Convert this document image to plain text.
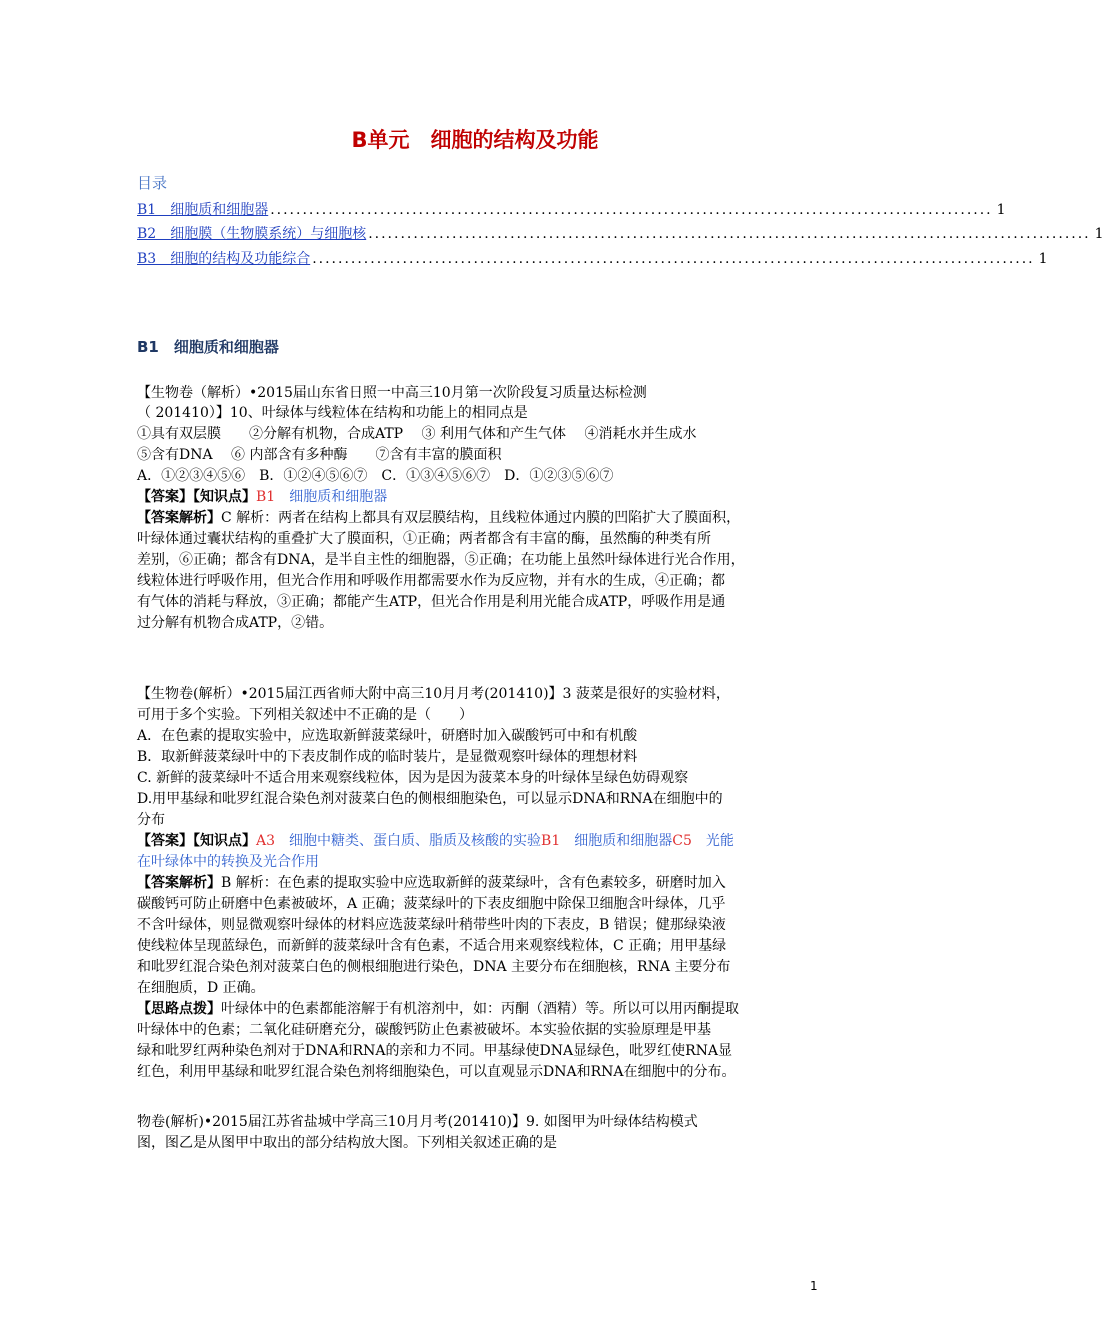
B单元　细胞的结构及功能
目录
B1　细胞质和细胞器 ................................................................................................................ 1
B2　细胞膜（生物膜系统）与细胞核 ................................................................................................................ 1
B3　细胞的结构及功能综合 ................................................................................................................ 1
B1　细胞质和细胞器
【生物卷（解析）•2015届山东省日照一中高三10月第一次阶段复习质量达标检测
（ 201410）】10、叶绿体与线粒体在结构和功能上的相同点是
①具有双层膜　　②分解有机物，合成ATP　 ③ 利用气体和产生气体　 ④消耗水并生成水
⑤含有DNA　 ⑥ 内部含有多种酶　　⑦含有丰富的膜面积
A．①②③④⑤⑥　B．①②④⑤⑥⑦　C．①③④⑤⑥⑦　D．①②③⑤⑥⑦
【答案】【知识点】B1　细胞质和细胞器
【答案解析】C 解析：两者在结构上都具有双层膜结构，且线粒体通过内膜的凹陷扩大了膜面积，
叶绿体通过囊状结构的重叠扩大了膜面积，①正确；两者都含有丰富的酶，虽然酶的种类有所
差别，⑥正确；都含有DNA，是半自主性的细胞器，⑤正确；在功能上虽然叶绿体进行光合作用，
线粒体进行呼吸作用，但光合作用和呼吸作用都需要水作为反应物，并有水的生成，④正确；都
有气体的消耗与释放，③正确；都能产生ATP，但光合作用是利用光能合成ATP，呼吸作用是通
过分解有机物合成ATP，②错。
【生物卷(解析）•2015届江西省师大附中高三10月月考(201410)】3 菠菜是很好的实验材料，
可用于多个实验。下列相关叙述中不正确的是（　　）
A．在色素的提取实验中，应选取新鲜菠菜绿叶，研磨时加入碳酸钙可中和有机酸
B．取新鲜菠菜绿叶中的下表皮制作成的临时装片，是显微观察叶绿体的理想材料
C. 新鲜的菠菜绿叶不适合用来观察线粒体，因为是因为菠菜本身的叶绿体呈绿色妨碍观察
D.用甲基绿和吡罗红混合染色剂对菠菜白色的侧根细胞染色，可以显示DNA和RNA在细胞中的
分布
【答案】【知识点】A3　细胞中糖类、蛋白质、脂质及核酸的实验B1　细胞质和细胞器C5　光能
在叶绿体中的转换及光合作用
【答案解析】B 解析：在色素的提取实验中应选取新鲜的菠菜绿叶，含有色素较多，研磨时加入
碳酸钙可防止研磨中色素被破坏，A 正确；菠菜绿叶的下表皮细胞中除保卫细胞含叶绿体，几乎
不含叶绿体，则显微观察叶绿体的材料应选菠菜绿叶稍带些叶肉的下表皮，B 错误；健那绿染液
使线粒体呈现蓝绿色，而新鲜的菠菜绿叶含有色素，不适合用来观察线粒体，C 正确；用甲基绿
和吡罗红混合染色剂对菠菜白色的侧根细胞进行染色，DNA 主要分布在细胞核，RNA 主要分布
在细胞质，D 正确。
【思路点拨】叶绿体中的色素都能溶解于有机溶剂中，如：丙酮（酒精）等。所以可以用丙酮提取
叶绿体中的色素；二氧化硅研磨充分，碳酸钙防止色素被破坏。本实验依据的实验原理是甲基
绿和吡罗红两种染色剂对于DNA和RNA的亲和力不同。甲基绿使DNA显绿色，吡罗红使RNA显
红色，利用甲基绿和吡罗红混合染色剂将细胞染色，可以直观显示DNA和RNA在细胞中的分布。
物卷(解析)•2015届江苏省盐城中学高三10月月考(201410)】9. 如图甲为叶绿体结构模式
图，图乙是从图甲中取出的部分结构放大图。下列相关叙述正确的是
1
